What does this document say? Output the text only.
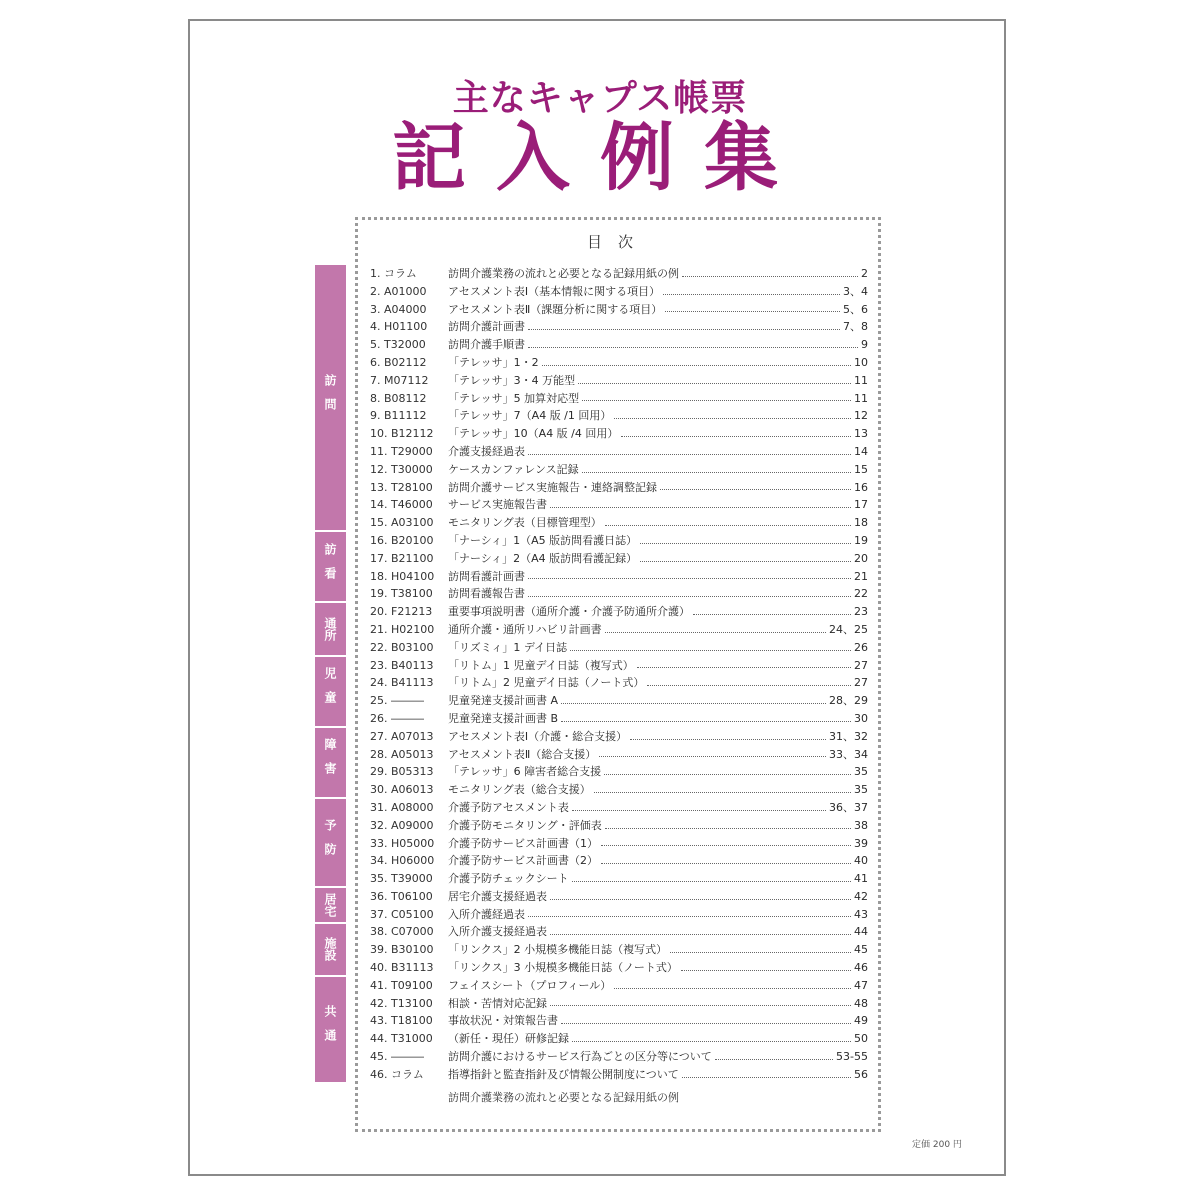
主なキャプス帳票
記入例集
目次
1. コラム	訪問介護業務の流れと必要となる記録用紙の例	2
2. A01000	アセスメント表Ⅰ（基本情報に関する項目）	3、4
3. A04000	アセスメント表Ⅱ（課題分析に関する項目）	5、6
4. H01100	訪問介護計画書	7、8
5. T32000	訪問介護手順書	9
6. B02112	「テレッサ」1・2	10
7. M07112	「テレッサ」3・4 万能型	11
8. B08112	「テレッサ」5 加算対応型	11
9. B11112	「テレッサ」7（A4 版 /1 回用）	12
10. B12112	「テレッサ」10（A4 版 /4 回用）	13
11. T29000	介護支援経過表	14
12. T30000	ケースカンファレンス記録	15
13. T28100	訪問介護サービス実施報告・連絡調整記録	16
14. T46000	サービス実施報告書	17
15. A03100	モニタリング表（目標管理型）	18
16. B20100	「ナーシィ」1（A5 版訪問看護日誌）	19
17. B21100	「ナーシィ」2（A4 版訪問看護記録）	20
18. H04100	訪問看護計画書	21
19. T38100	訪問看護報告書	22
20. F21213	重要事項説明書（通所介護・介護予防通所介護）	23
21. H02100	通所介護・通所リハビリ計画書	24、25
22. B03100	「リズミィ」1 デイ日誌	26
23. B40113	「リトム」1 児童デイ日誌（複写式）	27
24. B41113	「リトム」2 児童デイ日誌（ノート式）	27
25. ―――	児童発達支援計画書 A	28、29
26. ―――	児童発達支援計画書 B	30
27. A07013	アセスメント表Ⅰ（介護・総合支援）	31、32
28. A05013	アセスメント表Ⅱ（総合支援）	33、34
29. B05313	「テレッサ」6 障害者総合支援	35
30. A06013	モニタリング表（総合支援）	35
31. A08000	介護予防アセスメント表	36、37
32. A09000	介護予防モニタリング・評価表	38
33. H05000	介護予防サービス計画書（1）	39
34. H06000	介護予防サービス計画書（2）	40
35. T39000	介護予防チェックシート	41
36. T06100	居宅介護支援経過表	42
37. C05100	入所介護経過表	43
38. C07000	入所介護支援経過表	44
39. B30100	「リンクス」2 小規模多機能日誌（複写式）	45
40. B31113	「リンクス」3 小規模多機能日誌（ノート式）	46
41. T09100	フェイスシート（プロフィール）	47
42. T13100	相談・苦情対応記録	48
43. T18100	事故状況・対策報告書	49
44. T31000	（新任・現任）研修記録	50
45. ―――	訪問介護におけるサービス行為ごとの区分等について	53-55
46. コラム	指導指針と監査指針及び情報公開制度について	56
訪問介護業務の流れと必要となる記録用紙の例
訪問
訪看
通所
児童
障害
予防
居宅
施設
共通
定価 200 円
